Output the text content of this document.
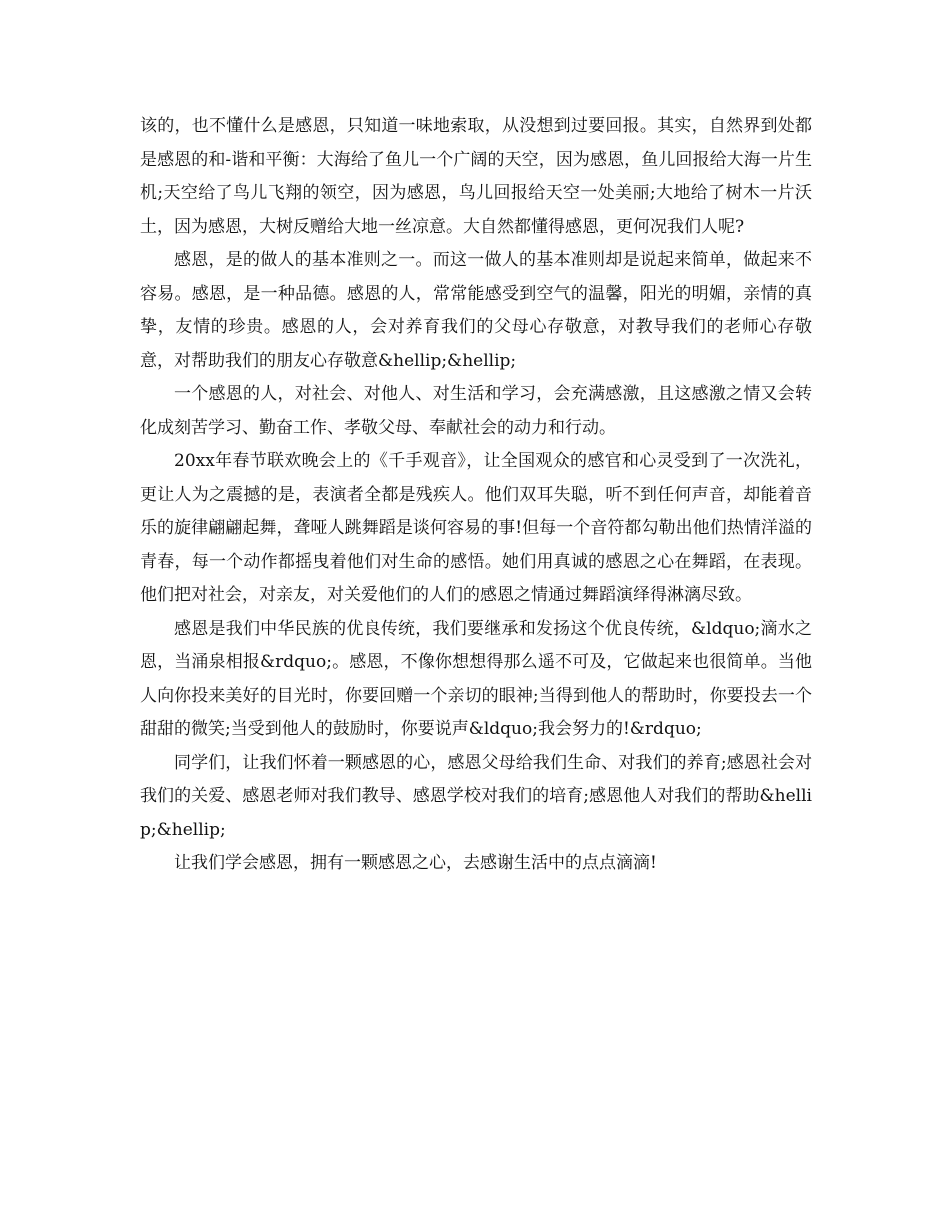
该的，也不懂什么是感恩，只知道一味地索取，从没想到过要回报。其实，自然界到处都是感恩的和-谐和平衡：大海给了鱼儿一个广阔的天空，因为感恩，鱼儿回报给大海一片生机;天空给了鸟儿飞翔的领空，因为感恩，鸟儿回报给天空一处美丽;大地给了树木一片沃土，因为感恩，大树反赠给大地一丝凉意。大自然都懂得感恩，更何况我们人呢?

感恩，是的做人的基本准则之一。而这一做人的基本准则却是说起来简单，做起来不容易。感恩，是一种品德。感恩的人，常常能感受到空气的温馨，阳光的明媚，亲情的真挚，友情的珍贵。感恩的人，会对养育我们的父母心存敬意，对教导我们的老师心存敬意，对帮助我们的朋友心存敬意&hellip;&hellip;

一个感恩的人，对社会、对他人、对生活和学习，会充满感激，且这感激之情又会转化成刻苦学习、勤奋工作、孝敬父母、奉献社会的动力和行动。

20xx年春节联欢晚会上的《千手观音》，让全国观众的感官和心灵受到了一次洗礼，更让人为之震撼的是，表演者全都是残疾人。他们双耳失聪，听不到任何声音，却能着音乐的旋律翩翩起舞，聋哑人跳舞蹈是谈何容易的事!但每一个音符都勾勒出他们热情洋溢的青春，每一个动作都摇曳着他们对生命的感悟。她们用真诚的感恩之心在舞蹈，在表现。他们把对社会，对亲友，对关爱他们的人们的感恩之情通过舞蹈演绎得淋漓尽致。

感恩是我们中华民族的优良传统，我们要继承和发扬这个优良传统，&ldquo;滴水之恩，当涌泉相报&rdquo;。感恩，不像你想想得那么遥不可及，它做起来也很简单。当他人向你投来美好的目光时，你要回赠一个亲切的眼神;当得到他人的帮助时，你要投去一个甜甜的微笑;当受到他人的鼓励时，你要说声&ldquo;我会努力的!&rdquo;

同学们，让我们怀着一颗感恩的心，感恩父母给我们生命、对我们的养育;感恩社会对我们的关爱、感恩老师对我们教导、感恩学校对我们的培育;感恩他人对我们的帮助&hellip;&hellip;

让我们学会感恩，拥有一颗感恩之心，去感谢生活中的点点滴滴!
